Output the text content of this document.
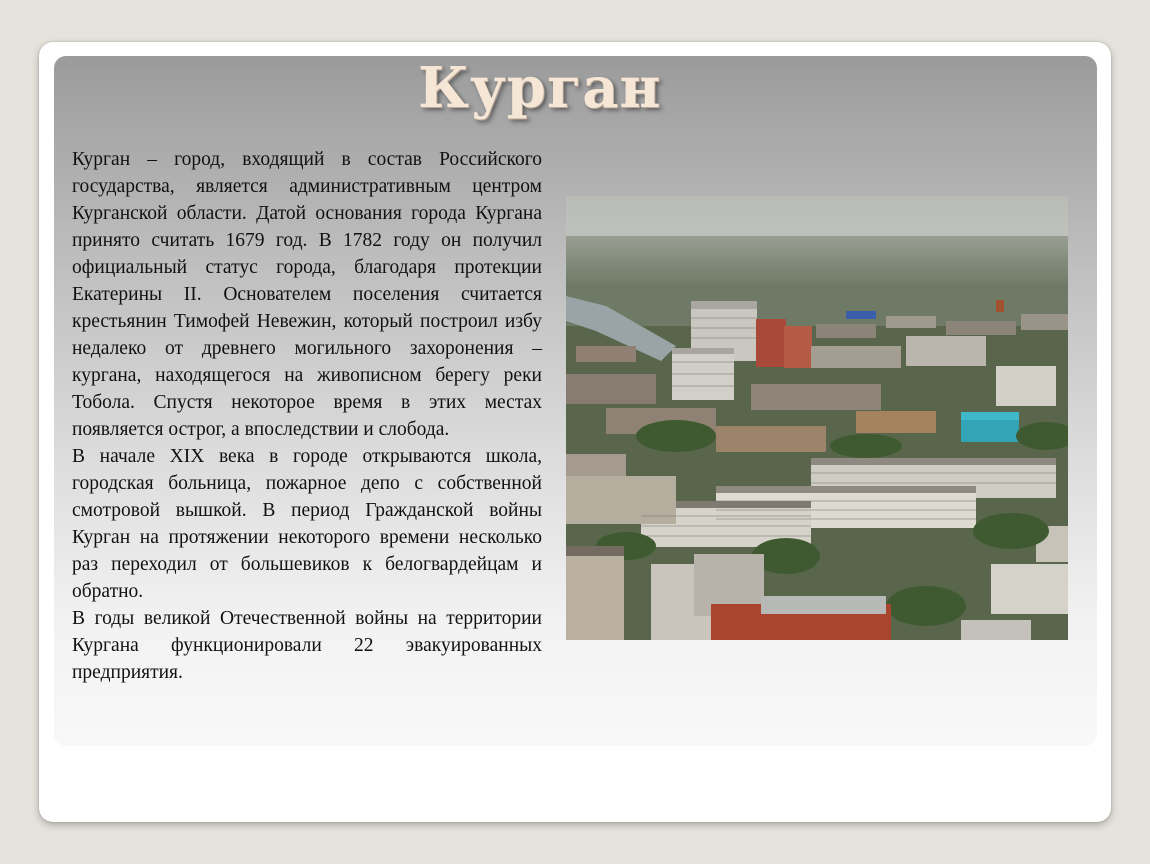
Курган

Курган – город, входящий в состав Российского государства, является административным центром Курганской области. Датой основания города Кургана принято считать 1679 год. В 1782 году он получил официальный статус города, благодаря протекции Екатерины II. Основателем поселения считается крестьянин Тимофей Невежин, который построил избу недалеко от древнего могильного захоронения – кургана, находящегося на живописном берегу реки Тобола. Спустя некоторое время в этих местах появляется острог, а впоследствии и слобода.

В начале XIX века в городе открываются школа, городская больница, пожарное депо с собственной смотровой вышкой. В период Гражданской войны Курган на протяжении некоторого времени несколько раз переходил от большевиков к белогвардейцам и обратно.

В годы великой Отечественной войны на территории Кургана функционировали 22 эвакуированных предприятия.
